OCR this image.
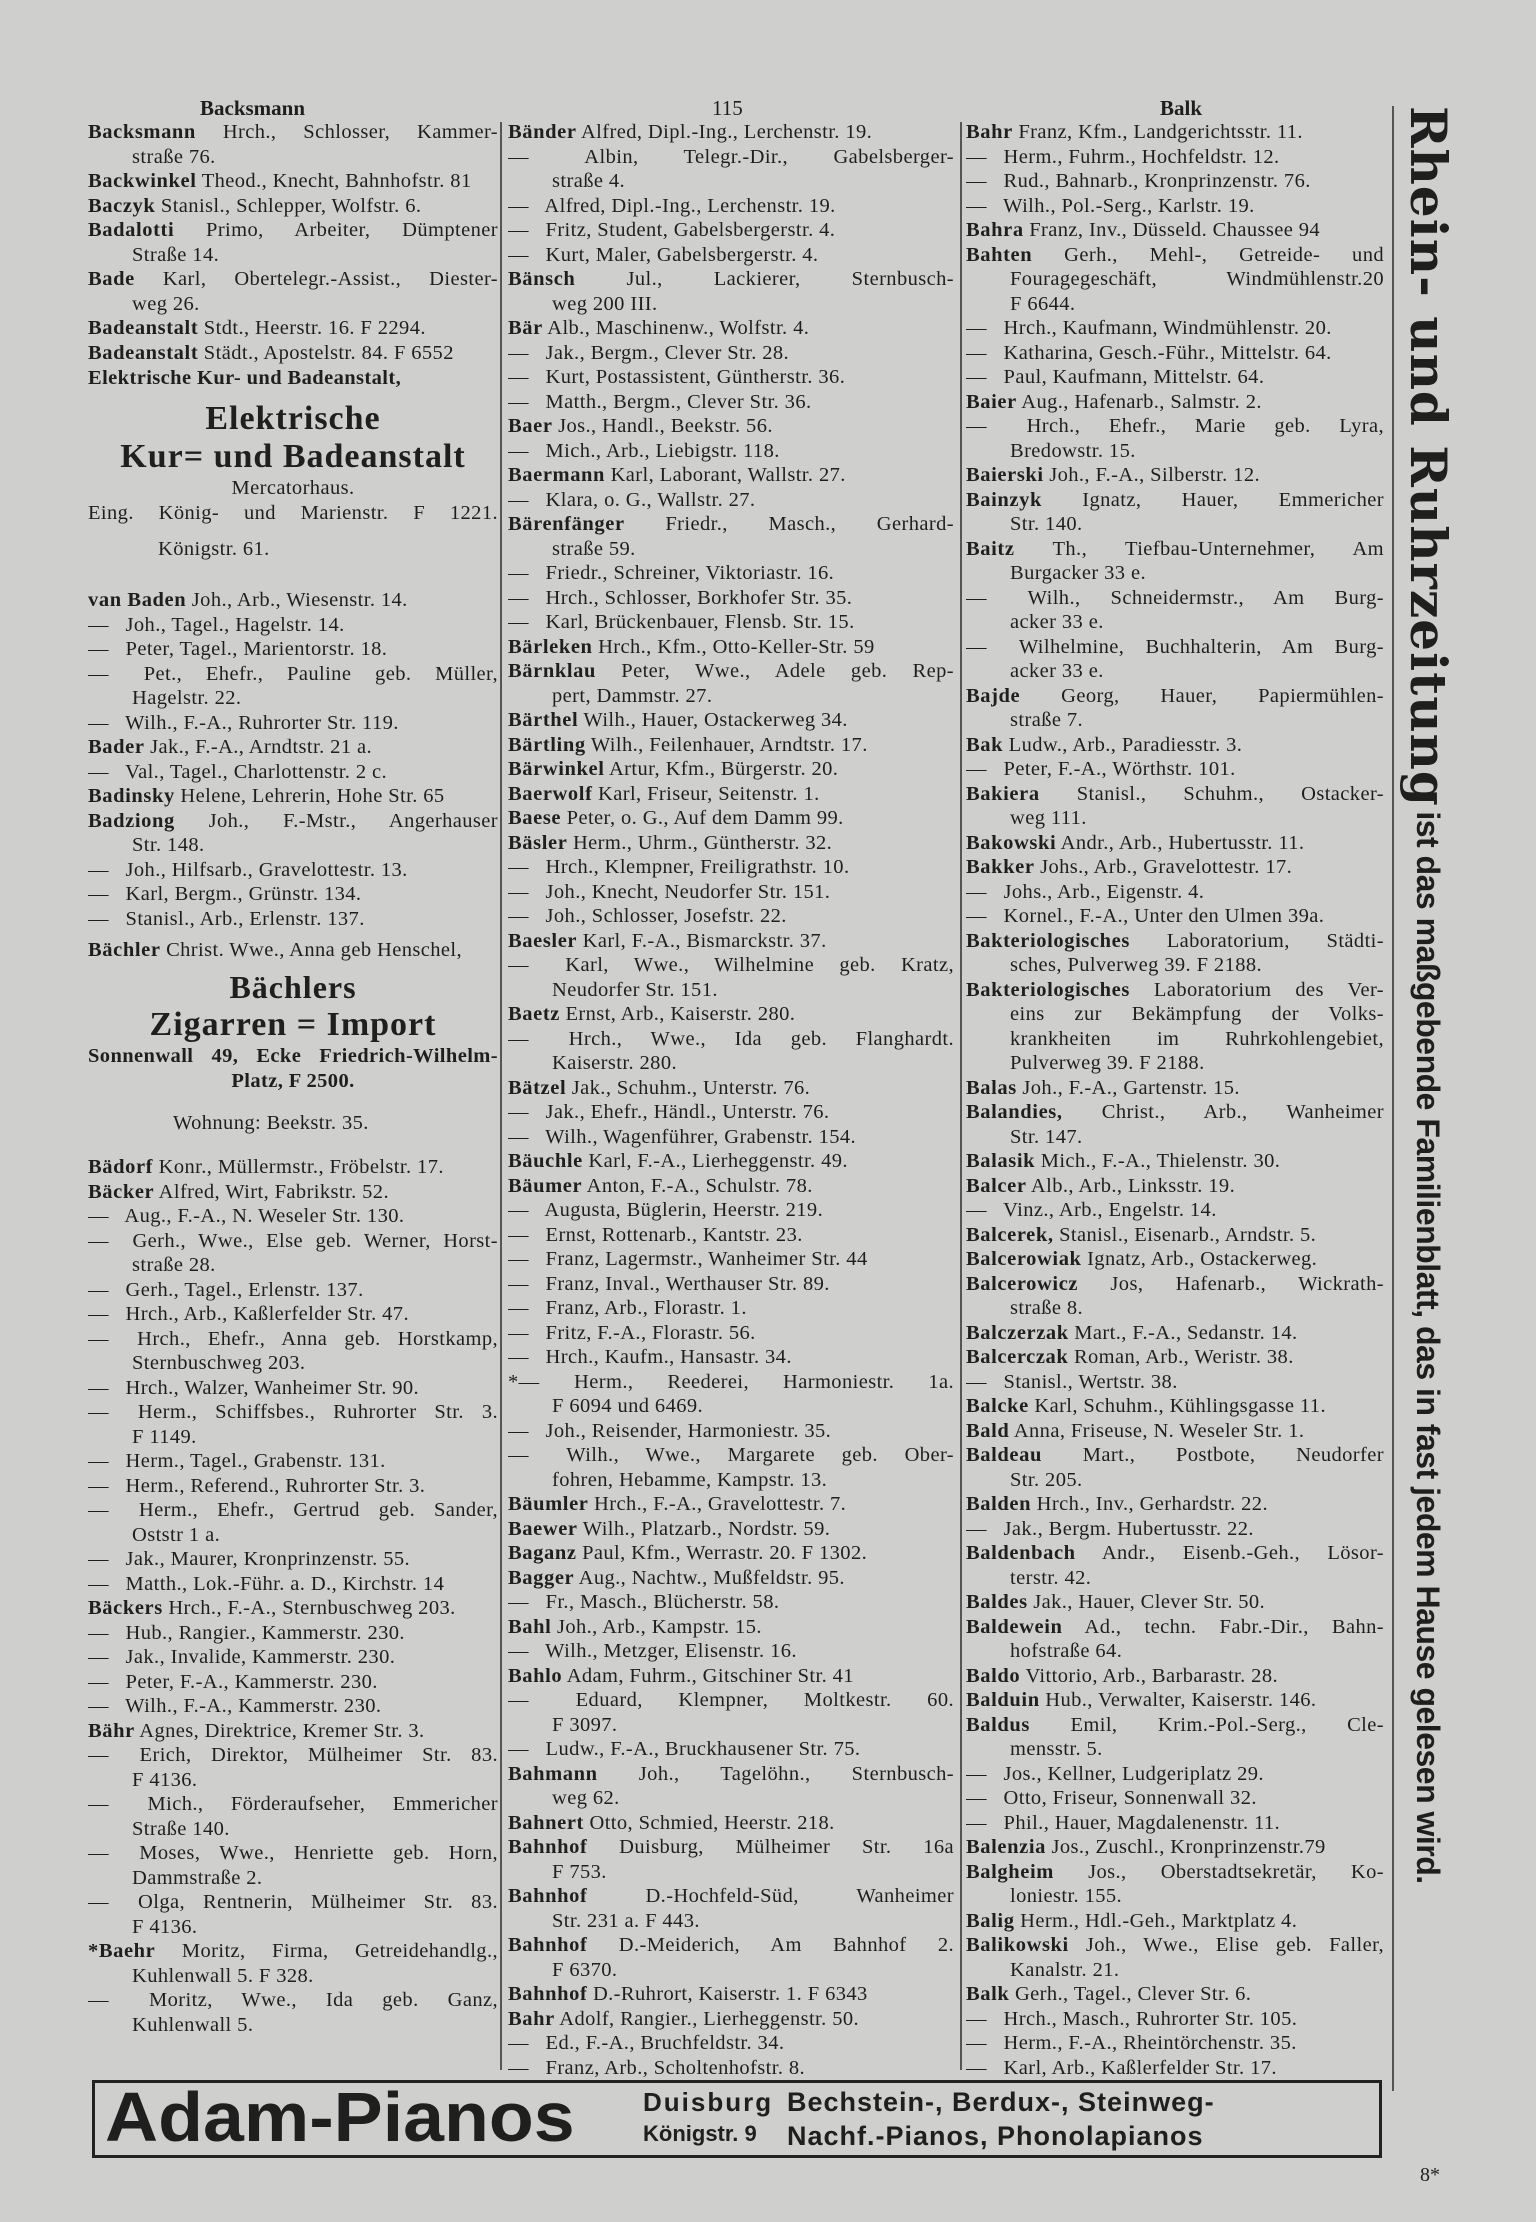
Backsmann	115	Balk
Backsmann Hrch., Schlosser, Kammer-
straße 76.
Backwinkel Theod., Knecht, Bahnhofstr. 81
Baczyk Stanisl., Schlepper, Wolfstr. 6.
Badalotti Primo, Arbeiter, Dümptener
Straße 14.
Bade Karl, Obertelegr.-Assist., Diester-
weg 26.
Badeanstalt Stdt., Heerstr. 16. F 2294.
Badeanstalt Städt., Apostelstr. 84. F 6552
Elektrische Kur- und Badeanstalt,
Elektrische
Kur= und Badeanstalt
Mercatorhaus.
Eing. König- und Marienstr. F 1221.
Königstr. 61.
van Baden Joh., Arb., Wiesenstr. 14.
— Joh., Tagel., Hagelstr. 14.
— Peter, Tagel., Marientorstr. 18.
— Pet., Ehefr., Pauline geb. Müller,
Hagelstr. 22.
— Wilh., F.-A., Ruhrorter Str. 119.
Bader Jak., F.-A., Arndtstr. 21 a.
— Val., Tagel., Charlottenstr. 2 c.
Badinsky Helene, Lehrerin, Hohe Str. 65
Badziong Joh., F.-Mstr., Angerhauser
Str. 148.
— Joh., Hilfsarb., Gravelottestr. 13.
— Karl, Bergm., Grünstr. 134.
— Stanisl., Arb., Erlenstr. 137.
Bächler Christ. Wwe., Anna geb Henschel,
Bächlers
Zigarren = Import
Sonnenwall 49, Ecke Friedrich-Wilhelm-
Platz, F 2500.
Wohnung: Beekstr. 35.
Bädorf Konr., Müllermstr., Fröbelstr. 17.
Bäcker Alfred, Wirt, Fabrikstr. 52.
— Aug., F.-A., N. Weseler Str. 130.
— Gerh., Wwe., Else geb. Werner, Horst-
straße 28.
— Gerh., Tagel., Erlenstr. 137.
— Hrch., Arb., Kaßlerfelder Str. 47.
— Hrch., Ehefr., Anna geb. Horstkamp,
Sternbuschweg 203.
— Hrch., Walzer, Wanheimer Str. 90.
— Herm., Schiffsbes., Ruhrorter Str. 3.
F 1149.
— Herm., Tagel., Grabenstr. 131.
— Herm., Referend., Ruhrorter Str. 3.
— Herm., Ehefr., Gertrud geb. Sander,
Oststr 1 a.
— Jak., Maurer, Kronprinzenstr. 55.
— Matth., Lok.-Führ. a. D., Kirchstr. 14
Bäckers Hrch., F.-A., Sternbuschweg 203.
— Hub., Rangier., Kammerstr. 230.
— Jak., Invalide, Kammerstr. 230.
— Peter, F.-A., Kammerstr. 230.
— Wilh., F.-A., Kammerstr. 230.
Bähr Agnes, Direktrice, Kremer Str. 3.
— Erich, Direktor, Mülheimer Str. 83.
F 4136.
— Mich., Förderaufseher, Emmericher
Straße 140.
— Moses, Wwe., Henriette geb. Horn,
Dammstraße 2.
— Olga, Rentnerin, Mülheimer Str. 83.
F 4136.
*Baehr Moritz, Firma, Getreidehandlg.,
Kuhlenwall 5. F 328.
— Moritz, Wwe., Ida geb. Ganz,
Kuhlenwall 5.
Bänder Alfred, Dipl.-Ing., Lerchenstr. 19.
—	Albin, Telegr.-Dir., Gabelsberger-
straße 4.
— Alfred, Dipl.-Ing., Lerchenstr. 19.
— Fritz, Student, Gabelsbergerstr. 4.
— Kurt, Maler, Gabelsbergerstr. 4.
Bänsch Jul., Lackierer, Sternbusch-
weg 200 III.
Bär Alb., Maschinenw., Wolfstr. 4.
— Jak., Bergm., Clever Str. 28.
— Kurt, Postassistent, Güntherstr. 36.
— Matth., Bergm., Clever Str. 36.
Baer Jos., Handl., Beekstr. 56.
— Mich., Arb., Liebigstr. 118.
Baermann Karl, Laborant, Wallstr. 27.
— Klara, o. G., Wallstr. 27.
Bärenfänger Friedr., Masch., Gerhard-
straße 59.
— Friedr., Schreiner, Viktoriastr. 16.
— Hrch., Schlosser, Borkhofer Str. 35.
— Karl, Brückenbauer, Flensb. Str. 15.
Bärleken Hrch., Kfm., Otto-Keller-Str. 59
Bärnklau Peter, Wwe., Adele geb. Rep-
pert, Dammstr. 27.
Bärthel Wilh., Hauer, Ostackerweg 34.
Bärtling Wilh., Feilenhauer, Arndtstr. 17.
Bärwinkel Artur, Kfm., Bürgerstr. 20.
Baerwolf Karl, Friseur, Seitenstr. 1.
Baese Peter, o. G., Auf dem Damm 99.
Bäsler Herm., Uhrm., Güntherstr. 32.
— Hrch., Klempner, Freiligrathstr. 10.
— Joh., Knecht, Neudorfer Str. 151.
— Joh., Schlosser, Josefstr. 22.
Baesler Karl, F.-A., Bismarckstr. 37.
— Karl, Wwe., Wilhelmine geb. Kratz,
Neudorfer Str. 151.
Baetz Ernst, Arb., Kaiserstr. 280.
— Hrch., Wwe., Ida geb. Flanghardt.
Kaiserstr. 280.
Bätzel Jak., Schuhm., Unterstr. 76.
— Jak., Ehefr., Händl., Unterstr. 76.
— Wilh., Wagenführer, Grabenstr. 154.
Bäuchle Karl, F.-A., Lierheggenstr. 49.
Bäumer Anton, F.-A., Schulstr. 78.
— Augusta, Büglerin, Heerstr. 219.
— Ernst, Rottenarb., Kantstr. 23.
— Franz, Lagermstr., Wanheimer Str. 44
— Franz, Inval., Werthauser Str. 89.
— Franz, Arb., Florastr. 1.
— Fritz, F.-A., Florastr. 56.
— Hrch., Kaufm., Hansastr. 34.
*— Herm., Reederei, Harmoniestr. 1a.
F 6094 und 6469.
— Joh., Reisender, Harmoniestr. 35.
— Wilh., Wwe., Margarete geb. Ober-
fohren, Hebamme, Kampstr. 13.
Bäumler Hrch., F.-A., Gravelottestr. 7.
Baewer Wilh., Platzarb., Nordstr. 59.
Baganz Paul, Kfm., Werrastr. 20. F 1302.
Bagger Aug., Nachtw., Mußfeldstr. 95.
— Fr., Masch., Blücherstr. 58.
Bahl Joh., Arb., Kampstr. 15.
— Wilh., Metzger, Elisenstr. 16.
Bahlo Adam, Fuhrm., Gitschiner Str. 41
— Eduard, Klempner, Moltkestr. 60.
F 3097.
— Ludw., F.-A., Bruckhausener Str. 75.
Bahmann Joh., Tagelöhn., Sternbusch-
weg 62.
Bahnert Otto, Schmied, Heerstr. 218.
Bahnhof Duisburg, Mülheimer Str. 16a
F 753.
Bahnhof	D.-Hochfeld-Süd, Wanheimer
Str. 231 a. F 443.
Bahnhof D.-Meiderich, Am Bahnhof 2.
F 6370.
Bahnhof D.-Ruhrort, Kaiserstr. 1. F 6343
Bahr Adolf, Rangier., Lierheggenstr. 50.
— Ed., F.-A., Bruchfeldstr. 34.
— Franz, Arb., Scholtenhofstr. 8.
Bahr Franz, Kfm., Landgerichtsstr. 11.
— Herm., Fuhrm., Hochfeldstr. 12.
— Rud., Bahnarb., Kronprinzenstr. 76.
— Wilh., Pol.-Serg., Karlstr. 19.
Bahra Franz, Inv., Düsseld. Chaussee 94
Bahten Gerh., Mehl-, Getreide- und
Fouragegeschäft, Windmühlenstr.20
F 6644.
— Hrch., Kaufmann, Windmühlenstr. 20.
— Katharina, Gesch.-Führ., Mittelstr. 64.
— Paul, Kaufmann, Mittelstr. 64.
Baier Aug., Hafenarb., Salmstr. 2.
— Hrch., Ehefr., Marie geb. Lyra,
Bredowstr. 15.
Baierski Joh., F.-A., Silberstr. 12.
Bainzyk Ignatz, Hauer, Emmericher
Str. 140.
Baitz Th., Tiefbau-Unternehmer, Am
Burgacker 33 e.
— Wilh., Schneidermstr., Am Burg-
acker 33 e.
— Wilhelmine, Buchhalterin, Am Burg-
acker 33 e.
Bajde Georg, Hauer, Papiermühlen-
straße 7.
Bak Ludw., Arb., Paradiesstr. 3.
— Peter, F.-A., Wörthstr. 101.
Bakiera Stanisl., Schuhm., Ostacker-
weg 111.
Bakowski Andr., Arb., Hubertusstr. 11.
Bakker Johs., Arb., Gravelottestr. 17.
— Johs., Arb., Eigenstr. 4.
— Kornel., F.-A., Unter den Ulmen 39a.
Bakteriologisches Laboratorium, Städti-
sches, Pulverweg 39. F 2188.
Bakteriologisches Laboratorium des Ver-
eins zur Bekämpfung der Volks-
krankheiten im Ruhrkohlengebiet,
Pulverweg 39. F 2188.
Balas Joh., F.-A., Gartenstr. 15.
Balandies, Christ., Arb., Wanheimer
Str. 147.
Balasik Mich., F.-A., Thielenstr. 30.
Balcer Alb., Arb., Linksstr. 19.
— Vinz., Arb., Engelstr. 14.
Balcerek, Stanisl., Eisenarb., Arndstr. 5.
Balcerowiak Ignatz, Arb., Ostackerweg.
Balcerowicz Jos, Hafenarb., Wickrath-
straße 8.
Balczerzak Mart., F.-A., Sedanstr. 14.
Balcerczak Roman, Arb., Weristr. 38.
— Stanisl., Wertstr. 38.
Balcke Karl, Schuhm., Kühlingsgasse 11.
Bald Anna, Friseuse, N. Weseler Str. 1.
Baldeau Mart., Postbote, Neudorfer
Str. 205.
Balden Hrch., Inv., Gerhardstr. 22.
— Jak., Bergm. Hubertusstr. 22.
Baldenbach Andr., Eisenb.-Geh., Lösor-
terstr. 42.
Baldes Jak., Hauer, Clever Str. 50.
Baldewein Ad., techn. Fabr.-Dir., Bahn-
hofstraße 64.
Baldo Vittorio, Arb., Barbarastr. 28.
Balduin Hub., Verwalter, Kaiserstr. 146.
Baldus Emil, Krim.-Pol.-Serg., Cle-
mensstr. 5.
— Jos., Kellner, Ludgeriplatz 29.
— Otto, Friseur, Sonnenwall 32.
— Phil., Hauer, Magdalenenstr. 11.
Balenzia Jos., Zuschl., Kronprinzenstr.79
Balgheim Jos., Oberstadtsekretär, Ko-
loniestr. 155.
Balig Herm., Hdl.-Geh., Marktplatz 4.
Balikowski Joh., Wwe., Elise geb. Faller,
Kanalstr. 21.
Balk Gerh., Tagel., Clever Str. 6.
— Hrch., Masch., Ruhrorter Str. 105.
— Herm., F.-A., Rheintörchenstr. 35.
— Karl, Arb., Kaßlerfelder Str. 17.
Adam-Pianos	Duisburg
Königstr. 9
Bechstein-, Berdux-, Steinweg-
Nachf.-Pianos, Phonolapianos
Rhein- und Ruhrzeitung ist das maßgebende Familienblatt, das in fast jedem Hause gelesen wird.
8*
